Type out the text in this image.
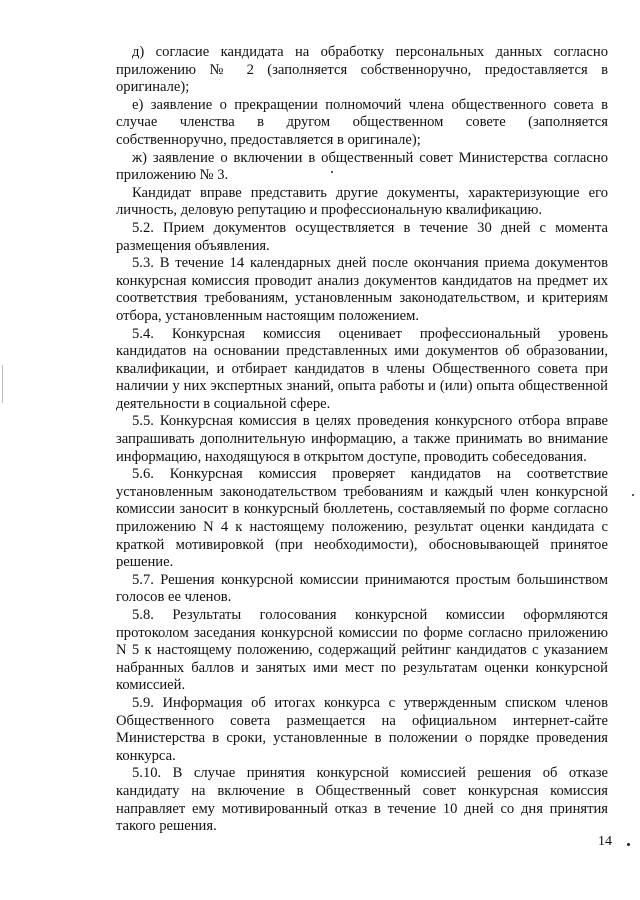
д) согласие кандидата на обработку персональных данных согласно приложению № 2 (заполняется собственноручно, предоставляется в оригинале);

е) заявление о прекращении полномочий члена общественного совета в случае членства в другом общественном совете (заполняется собственноручно, предоставляется в оригинале);

ж) заявление о включении в общественный совет Министерства согласно приложению № 3.

Кандидат вправе представить другие документы, характеризующие его личность, деловую репутацию и профессиональную квалификацию.

5.2. Прием документов осуществляется в течение 30 дней с момента размещения объявления.

5.3. В течение 14 календарных дней после окончания приема документов конкурсная комиссия проводит анализ документов кандидатов на предмет их соответствия требованиям, установленным законодательством, и критериям отбора, установленным настоящим положением.

5.4. Конкурсная комиссия оценивает профессиональный уровень кандидатов на основании представленных ими документов об образовании, квалификации, и отбирает кандидатов в члены Общественного совета при наличии у них экспертных знаний, опыта работы и (или) опыта общественной деятельности в социальной сфере.

5.5. Конкурсная комиссия в целях проведения конкурсного отбора вправе запрашивать дополнительную информацию, а также принимать во внимание информацию, находящуюся в открытом доступе, проводить собеседования.

5.6. Конкурсная комиссия проверяет кандидатов на соответствие установленным законодательством требованиям и каждый член конкурсной комиссии заносит в конкурсный бюллетень, составляемый по форме согласно приложению N 4 к настоящему положению, результат оценки кандидата с краткой мотивировкой (при необходимости), обосновывающей принятое решение.

5.7. Решения конкурсной комиссии принимаются простым большинством голосов ее членов.

5.8. Результаты голосования конкурсной комиссии оформляются протоколом заседания конкурсной комиссии по форме согласно приложению N 5 к настоящему положению, содержащий рейтинг кандидатов с указанием набранных баллов и занятых ими мест по результатам оценки конкурсной комиссией.

5.9. Информация об итогах конкурса с утвержденным списком членов Общественного совета размещается на официальном интернет-сайте Министерства в сроки, установленные в положении о порядке проведения конкурса.

5.10. В случае принятия конкурсной комиссией решения об отказе кандидату на включение в Общественный совет конкурсная комиссия направляет ему мотивированный отказ в течение 10 дней со дня принятия такого решения.

14
